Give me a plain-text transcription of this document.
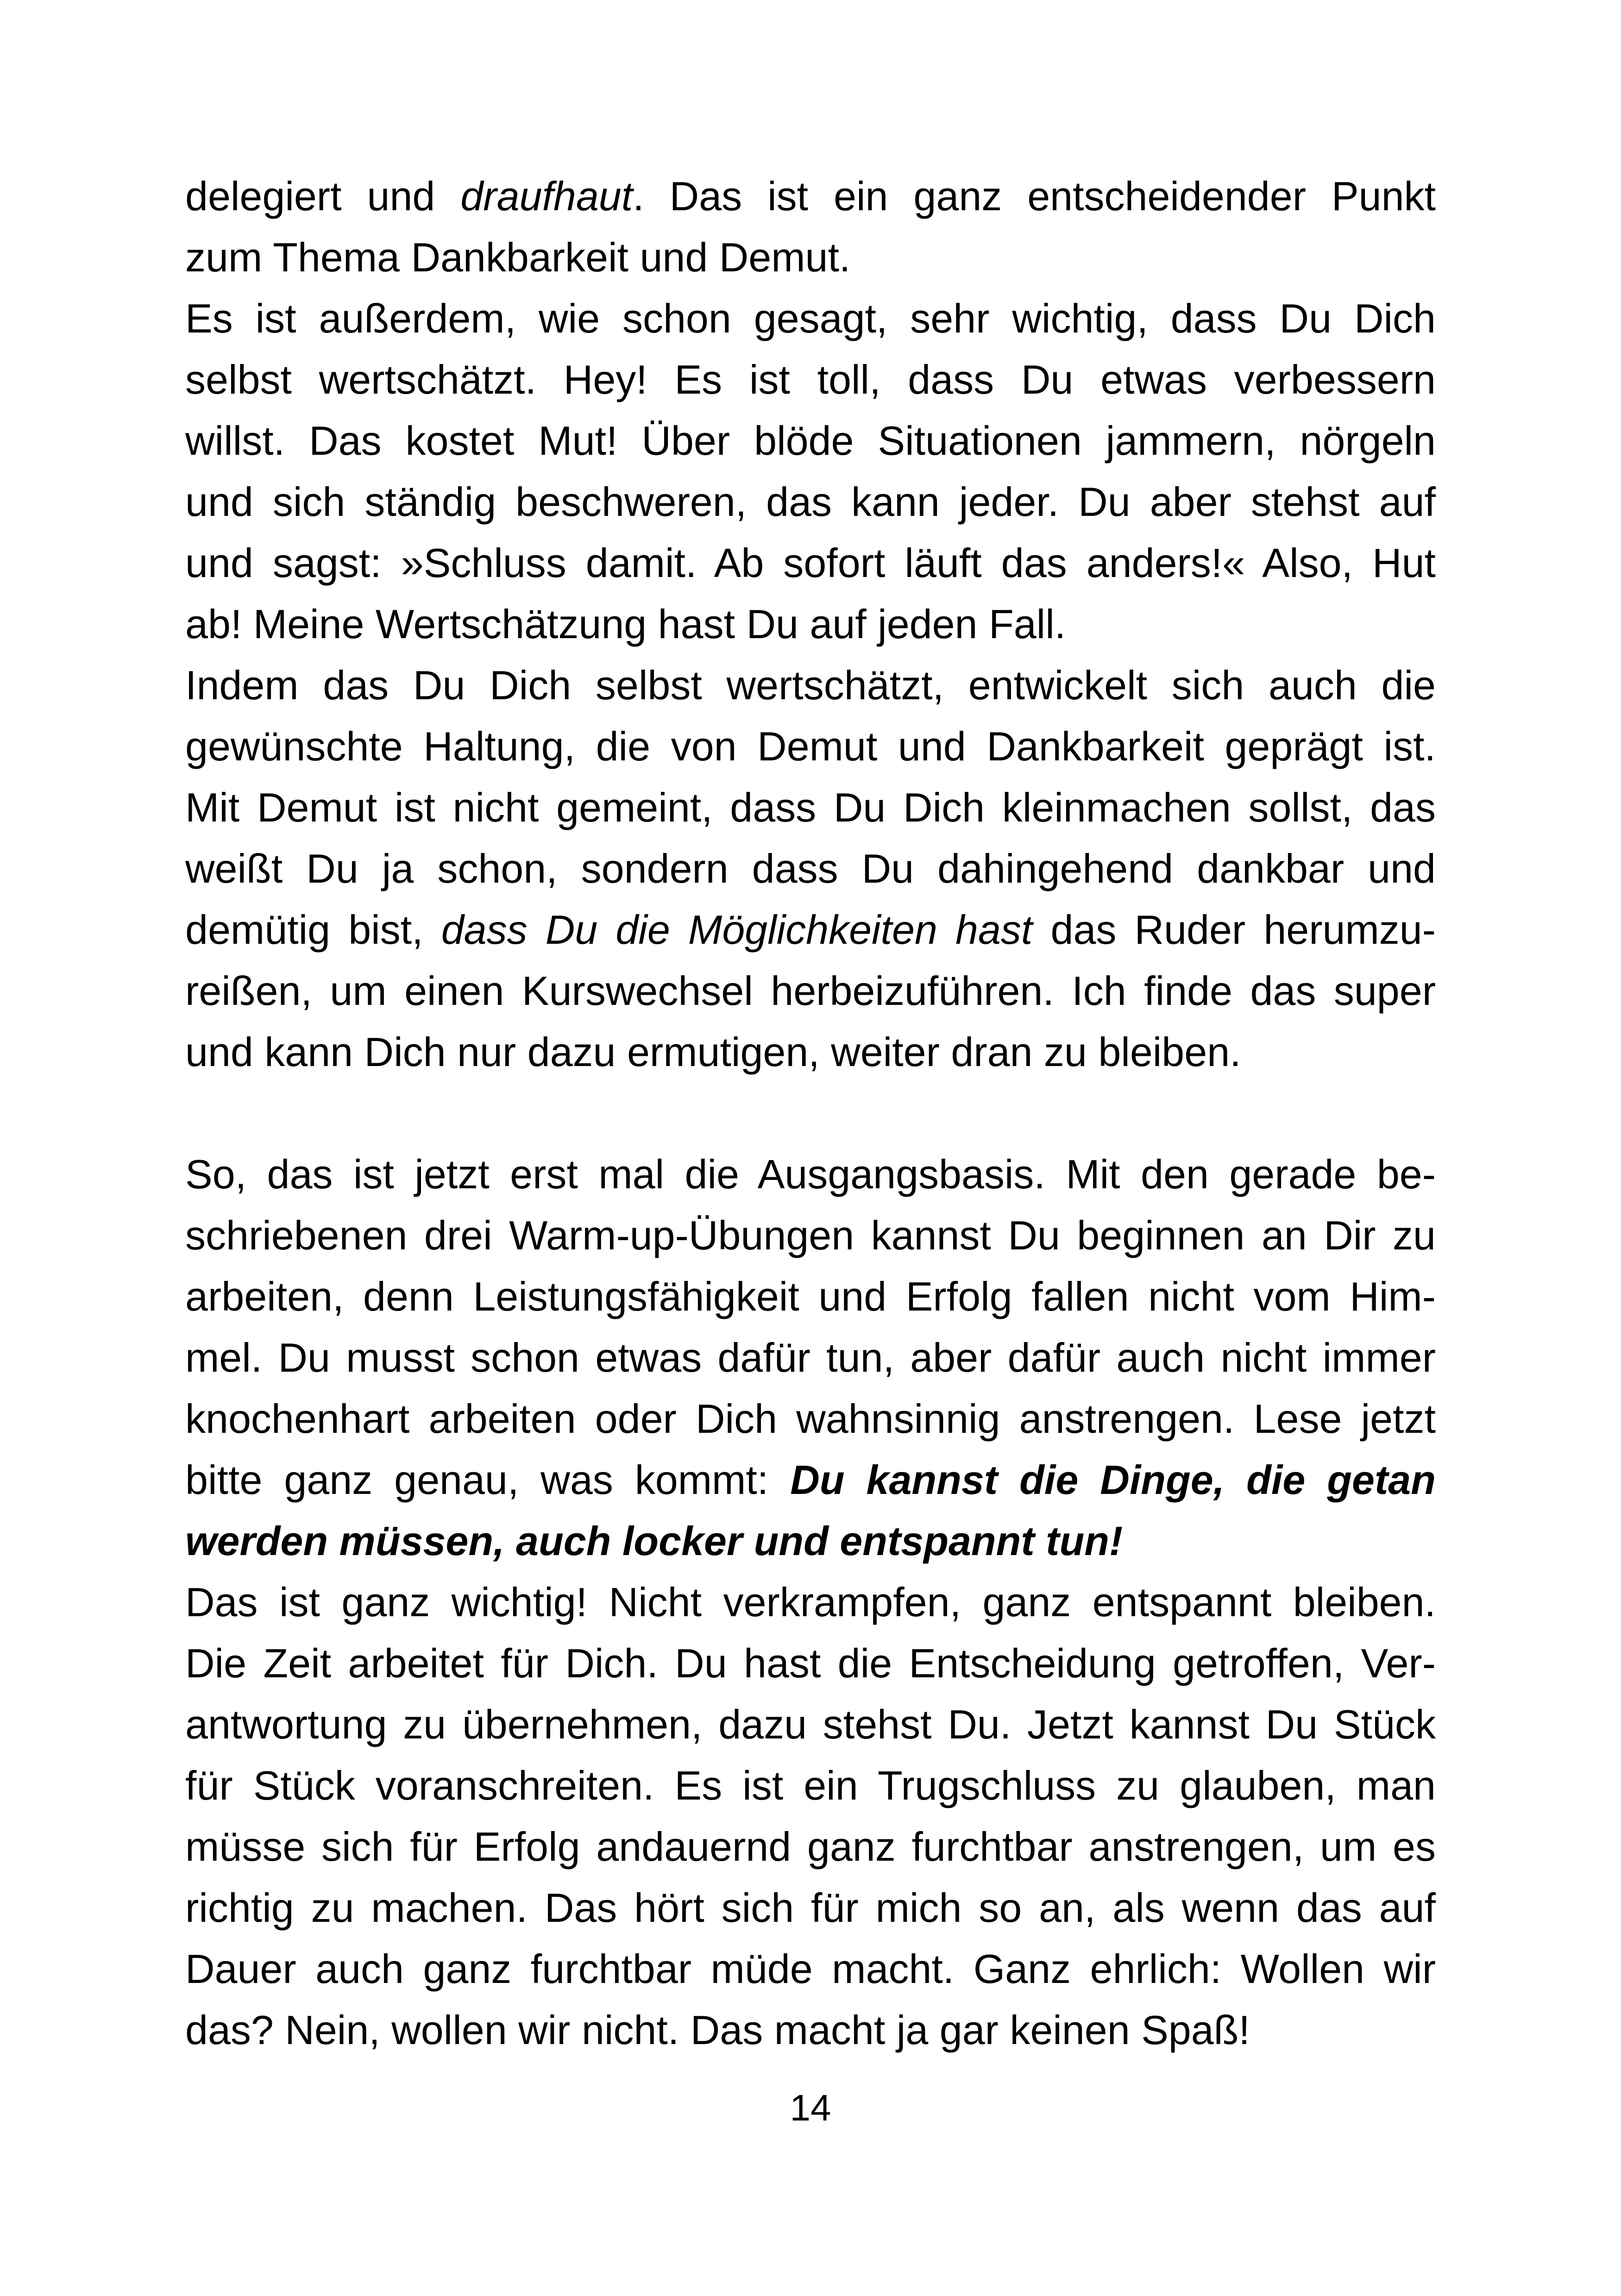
delegiert und draufhaut. Das ist ein ganz entscheidender Punkt

zum Thema Dankbarkeit und Demut.

Es ist außerdem, wie schon gesagt, sehr wichtig, dass Du Dich

selbst wertschätzt. Hey! Es ist toll, dass Du etwas verbessern

willst. Das kostet Mut! Über blöde Situationen jammern, nörgeln

und sich ständig beschweren, das kann jeder. Du aber stehst auf

und sagst: »Schluss damit. Ab sofort läuft das anders!« Also, Hut

ab! Meine Wertschätzung hast Du auf jeden Fall.

Indem das Du Dich selbst wertschätzt, entwickelt sich auch die

gewünschte Haltung, die von Demut und Dankbarkeit geprägt ist.

Mit Demut ist nicht gemeint, dass Du Dich kleinmachen sollst, das

weißt Du ja schon, sondern dass Du dahingehend dankbar und

demütig bist, dass Du die Möglichkeiten hast das Ruder herumzu-

reißen, um einen Kurswechsel herbeizuführen. Ich finde das super

und kann Dich nur dazu ermutigen, weiter dran zu bleiben.

So, das ist jetzt erst mal die Ausgangsbasis. Mit den gerade be-

schriebenen drei Warm-up-Übungen kannst Du beginnen an Dir zu

arbeiten, denn Leistungsfähigkeit und Erfolg fallen nicht vom Him-

mel. Du musst schon etwas dafür tun, aber dafür auch nicht immer

knochenhart arbeiten oder Dich wahnsinnig anstrengen. Lese jetzt

bitte ganz genau, was kommt: Du kannst die Dinge, die getan

werden müssen, auch locker und entspannt tun!

Das ist ganz wichtig! Nicht verkrampfen, ganz entspannt bleiben.

Die Zeit arbeitet für Dich. Du hast die Entscheidung getroffen, Ver-

antwortung zu übernehmen, dazu stehst Du. Jetzt kannst Du Stück

für Stück voranschreiten. Es ist ein Trugschluss zu glauben, man

müsse sich für Erfolg andauernd ganz furchtbar anstrengen, um es

richtig zu machen. Das hört sich für mich so an, als wenn das auf

Dauer auch ganz furchtbar müde macht. Ganz ehrlich: Wollen wir

das? Nein, wollen wir nicht. Das macht ja gar keinen Spaß!

14
